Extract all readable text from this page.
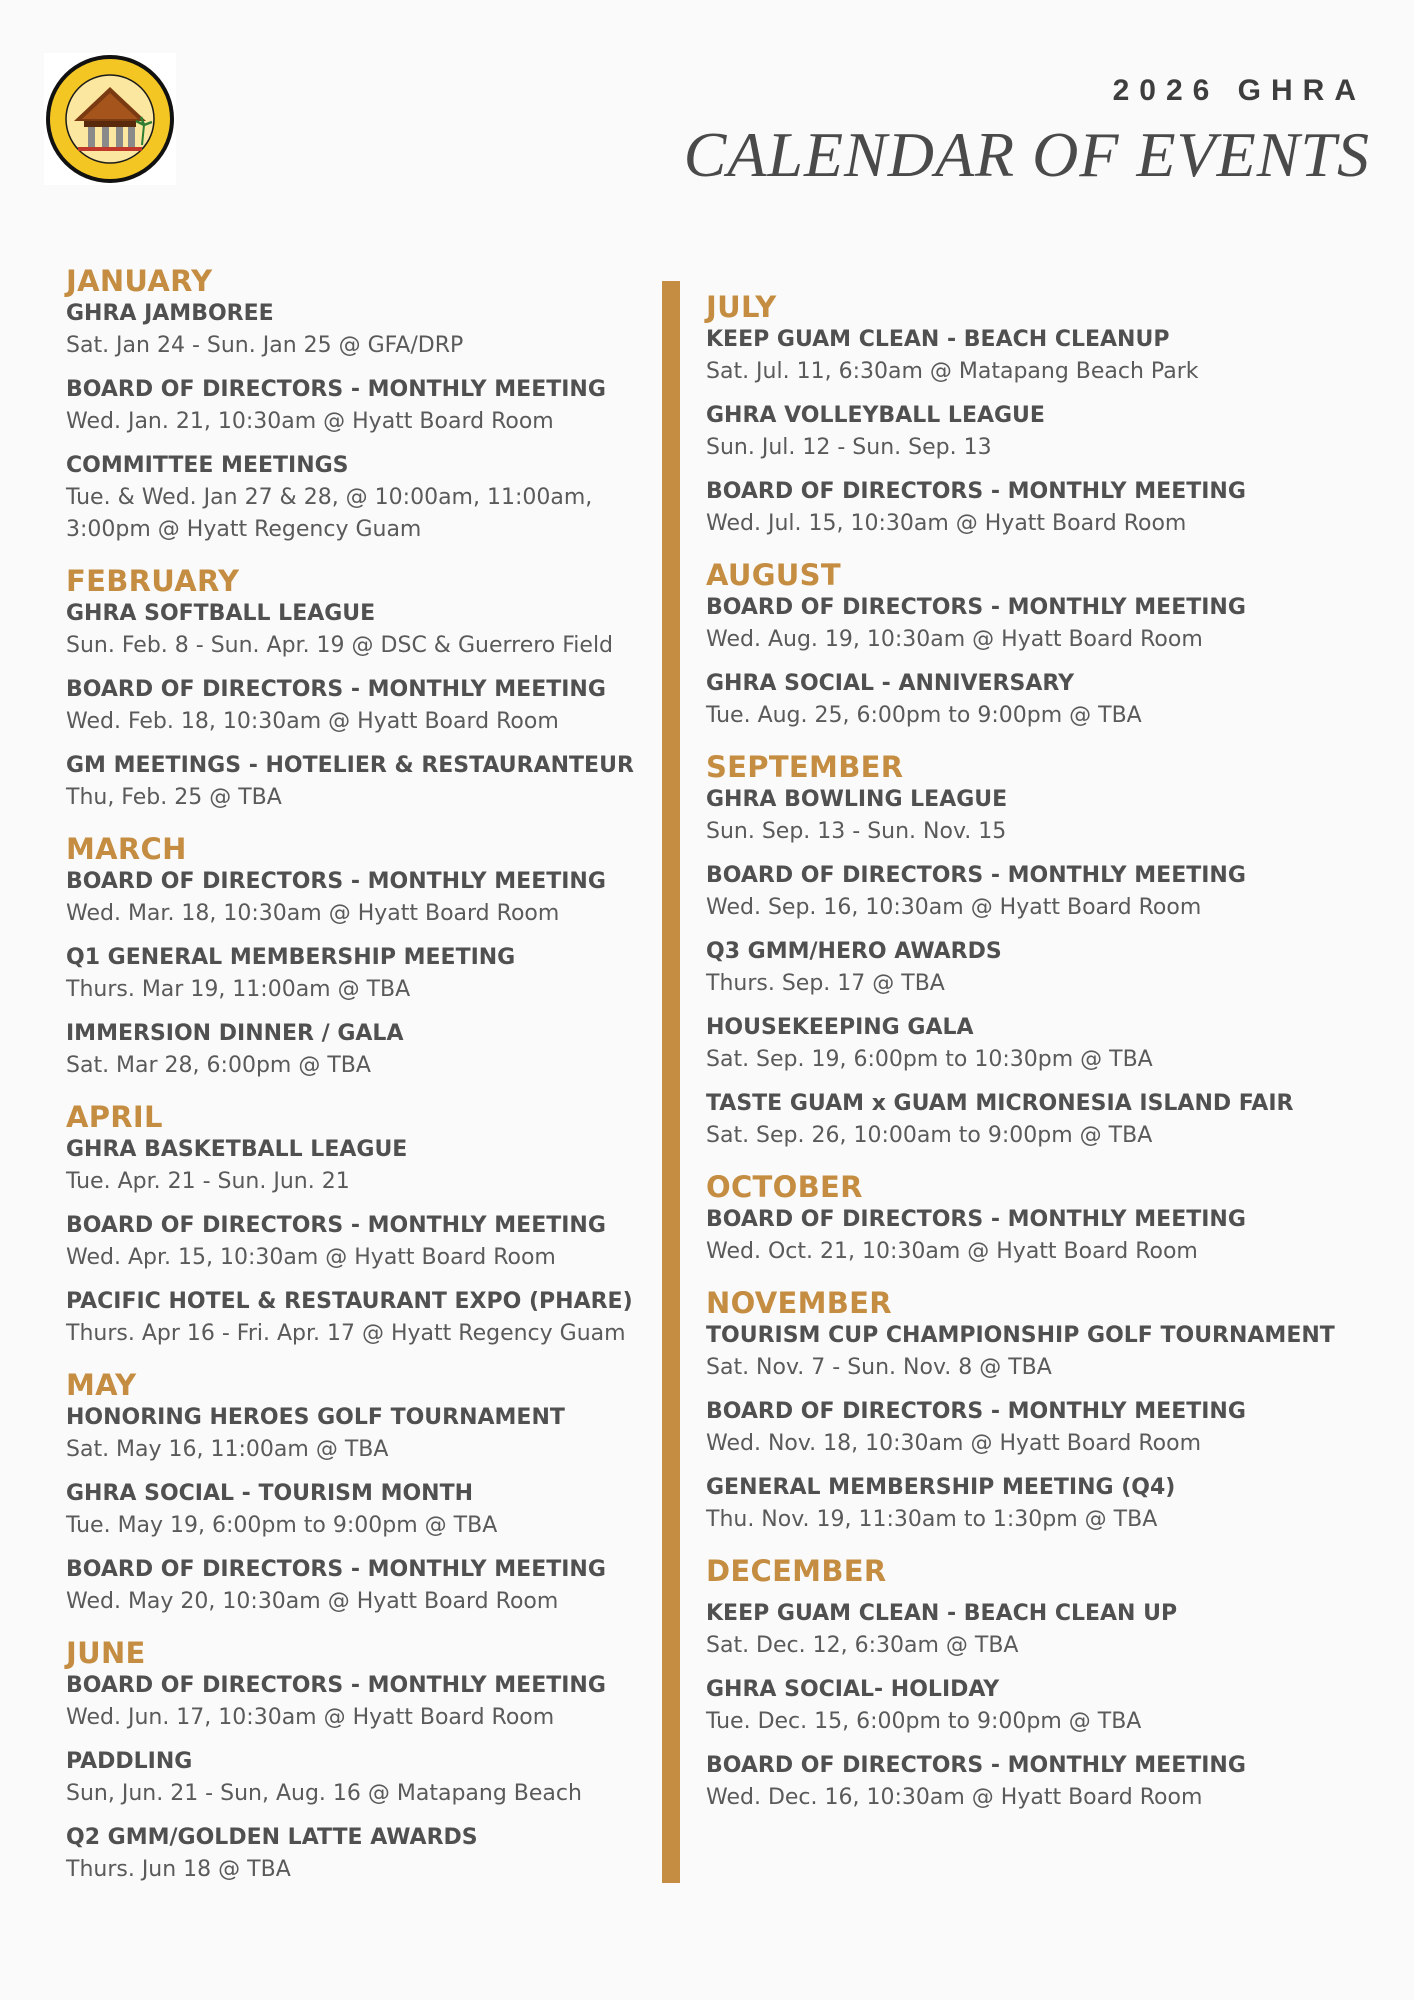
2026 GHRA
CALENDAR OF EVENTS
JANUARY
GHRA JAMBOREE
Sat. Jan 24 - Sun. Jan 25 @ GFA/DRP
BOARD OF DIRECTORS - MONTHLY MEETING
Wed. Jan. 21, 10:30am @ Hyatt Board Room
COMMITTEE MEETINGS
Tue. & Wed. Jan 27 & 28, @ 10:00am, 11:00am, 3:00pm @ Hyatt Regency Guam
FEBRUARY
GHRA SOFTBALL LEAGUE
Sun. Feb. 8 - Sun. Apr. 19 @ DSC & Guerrero Field
BOARD OF DIRECTORS - MONTHLY MEETING
Wed. Feb. 18, 10:30am @ Hyatt Board Room
GM MEETINGS - HOTELIER & RESTAURANTEUR
Thu, Feb. 25 @ TBA
MARCH
BOARD OF DIRECTORS - MONTHLY MEETING
Wed. Mar. 18, 10:30am @ Hyatt Board Room
Q1 GENERAL MEMBERSHIP MEETING
Thurs. Mar 19, 11:00am @ TBA
IMMERSION DINNER / GALA
Sat. Mar 28, 6:00pm @ TBA
APRIL
GHRA BASKETBALL LEAGUE
Tue. Apr. 21 - Sun. Jun. 21
BOARD OF DIRECTORS - MONTHLY MEETING
Wed. Apr. 15, 10:30am @ Hyatt Board Room
PACIFIC HOTEL & RESTAURANT EXPO (PHARE)
Thurs. Apr 16 - Fri. Apr. 17 @ Hyatt Regency Guam
MAY
HONORING HEROES GOLF TOURNAMENT
Sat. May 16, 11:00am @ TBA
GHRA SOCIAL - TOURISM MONTH
Tue. May 19, 6:00pm to 9:00pm @ TBA
BOARD OF DIRECTORS - MONTHLY MEETING
Wed. May 20, 10:30am @ Hyatt Board Room
JUNE
BOARD OF DIRECTORS - MONTHLY MEETING
Wed. Jun. 17, 10:30am @ Hyatt Board Room
PADDLING
Sun, Jun. 21 - Sun, Aug. 16 @ Matapang Beach
Q2 GMM/GOLDEN LATTE AWARDS
Thurs. Jun 18 @ TBA
JULY
KEEP GUAM CLEAN - BEACH CLEANUP
Sat. Jul. 11, 6:30am @ Matapang Beach Park
GHRA VOLLEYBALL LEAGUE
Sun. Jul. 12 - Sun. Sep. 13
BOARD OF DIRECTORS - MONTHLY MEETING
Wed. Jul. 15, 10:30am @ Hyatt Board Room
AUGUST
BOARD OF DIRECTORS - MONTHLY MEETING
Wed. Aug. 19, 10:30am @ Hyatt Board Room
GHRA SOCIAL - ANNIVERSARY
Tue. Aug. 25, 6:00pm to 9:00pm @ TBA
SEPTEMBER
GHRA BOWLING LEAGUE
Sun. Sep. 13 - Sun. Nov. 15
BOARD OF DIRECTORS - MONTHLY MEETING
Wed. Sep. 16, 10:30am @ Hyatt Board Room
Q3 GMM/HERO AWARDS
Thurs. Sep. 17 @ TBA
HOUSEKEEPING GALA
Sat. Sep. 19, 6:00pm to 10:30pm @ TBA
TASTE GUAM x GUAM MICRONESIA ISLAND FAIR
Sat. Sep. 26, 10:00am to 9:00pm @ TBA
OCTOBER
BOARD OF DIRECTORS - MONTHLY MEETING
Wed. Oct. 21, 10:30am @ Hyatt Board Room
NOVEMBER
TOURISM CUP CHAMPIONSHIP GOLF TOURNAMENT
Sat. Nov. 7 - Sun. Nov. 8 @ TBA
BOARD OF DIRECTORS - MONTHLY MEETING
Wed. Nov. 18, 10:30am @ Hyatt Board Room
GENERAL MEMBERSHIP MEETING (Q4)
Thu. Nov. 19, 11:30am to 1:30pm @ TBA
DECEMBER
KEEP GUAM CLEAN - BEACH CLEAN UP
Sat. Dec. 12, 6:30am @ TBA
GHRA SOCIAL- HOLIDAY
Tue. Dec. 15, 6:00pm to 9:00pm @ TBA
BOARD OF DIRECTORS - MONTHLY MEETING
Wed. Dec. 16, 10:30am @ Hyatt Board Room
